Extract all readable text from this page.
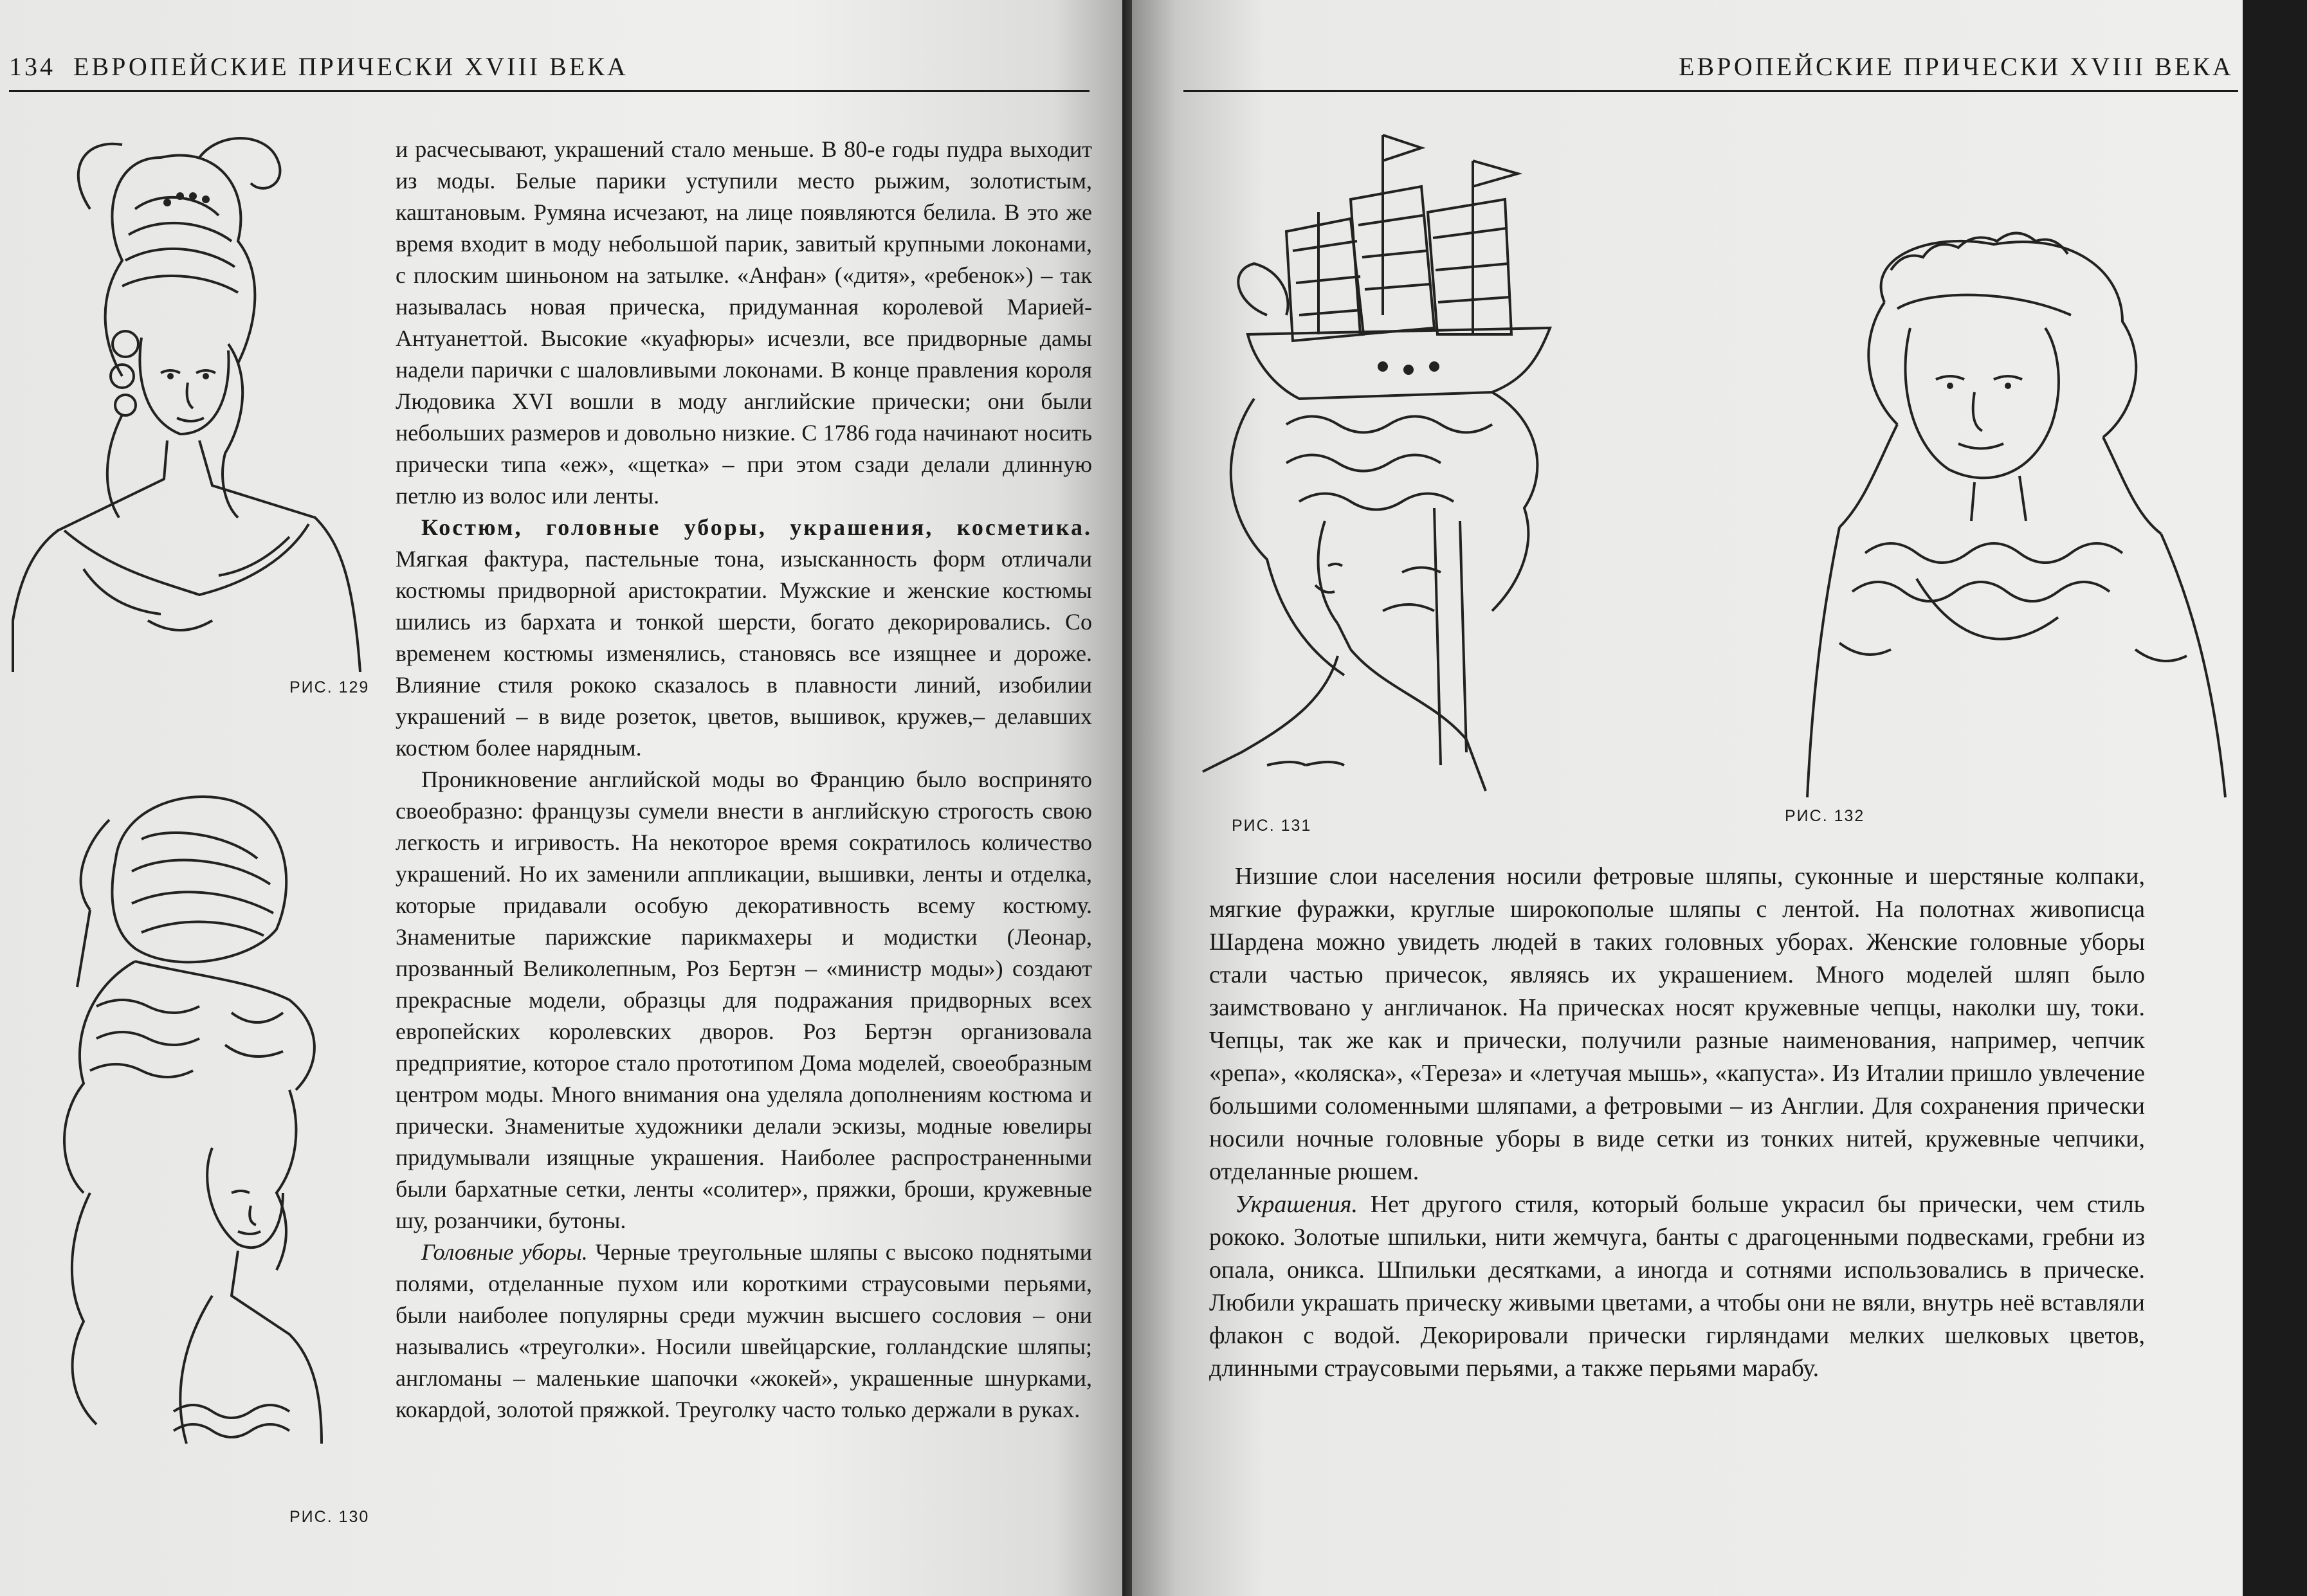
134 ЕВРОПЕЙСКИЕ ПРИЧЕСКИ XVIII ВЕКА
РИС. 129
РИС. 130

и расчесывают, украшений стало меньше. В 80-е годы пудра выходит из моды. Белые парики уступили место рыжим, золотистым, каштановым. Румяна исчезают, на лице появляются белила. В это же время входит в моду небольшой парик, завитый крупными локонами, с плоским шиньоном на затылке. «Анфан» («дитя», «ребенок») – так называлась новая прическа, придуманная королевой Марией-Антуанеттой. Высокие «куафюры» исчезли, все придворные дамы надели парички с шаловливыми локонами. В конце правления короля Людовика XVI вошли в моду английские прически; они были небольших размеров и довольно низкие. С 1786 года начинают носить прически типа «еж», «щетка» – при этом сзади делали длинную петлю из волос или ленты.

Костюм, головные уборы, украшения, косметика. Мягкая фактура, пастельные тона, изысканность форм отличали костюмы придворной аристократии. Мужские и женские костюмы шились из бархата и тонкой шерсти, богато декорировались. Со временем костюмы изменялись, становясь все изящнее и дороже. Влияние стиля рококо сказалось в плавности линий, изобилии украшений – в виде розеток, цветов, вышивок, кружев,– делавших костюм более нарядным.

Проникновение английской моды во Францию было воспринято своеобразно: французы сумели внести в английскую строгость свою легкость и игривость. На некоторое время сократилось количество украшений. Но их заменили аппликации, вышивки, ленты и отделка, которые придавали особую декоративность всему костюму. Знаменитые парижские парикмахеры и модистки (Леонар, прозванный Великолепным, Роз Бертэн – «министр моды») создают прекрасные модели, образцы для подражания придворных всех европейских королевских дворов. Роз Бертэн организовала предприятие, которое стало прототипом Дома моделей, своеобразным центром моды. Много внимания она уделяла дополнениям костюма и прически. Знаменитые художники делали эскизы, модные ювелиры придумывали изящные украшения. Наиболее распространенными были бархатные сетки, ленты «солитер», пряжки, броши, кружевные шу, розанчики, бутоны.

Головные уборы. Черные треугольные шляпы с высоко поднятыми полями, отделанные пухом или короткими страусовыми перьями, были наиболее популярны среди мужчин высшего сословия – они назывались «треуголки». Носили швейцарские, голландские шляпы; англоманы – маленькие шапочки «жокей», украшенные шнурками, кокардой, золотой пряжкой. Треуголку часто только держали в руках.

ЕВРОПЕЙСКИЕ ПРИЧЕСКИ XVIII ВЕКА 135
РИС. 131
РИС. 132

Низшие слои населения носили фетровые шляпы, суконные и шерстяные колпаки, мягкие фуражки, круглые широкополые шляпы с лентой. На полотнах живописца Шардена можно увидеть людей в таких головных уборах. Женские головные уборы стали частью причесок, являясь их украшением. Много моделей шляп было заимствовано у англичанок. На прическах носят кружевные чепцы, наколки шу, токи. Чепцы, так же как и прически, получили разные наименования, например, чепчик «репа», «коляска», «Тереза» и «летучая мышь», «капуста». Из Италии пришло увлечение большими соломенными шляпами, а фетровыми – из Англии. Для сохранения прически носили ночные головные уборы в виде сетки из тонких нитей, кружевные чепчики, отделанные рюшем.

Украшения. Нет другого стиля, который больше украсил бы прически, чем стиль рококо. Золотые шпильки, нити жемчуга, банты с драгоценными подвесками, гребни из опала, оникса. Шпильки десятками, а иногда и сотнями использовались в прическе. Любили украшать прическу живыми цветами, а чтобы они не вяли, внутрь неё вставляли флакон с водой. Декорировали прически гирляндами мелких шелковых цветов, длинными страусовыми перьями, а также перьями марабу.
